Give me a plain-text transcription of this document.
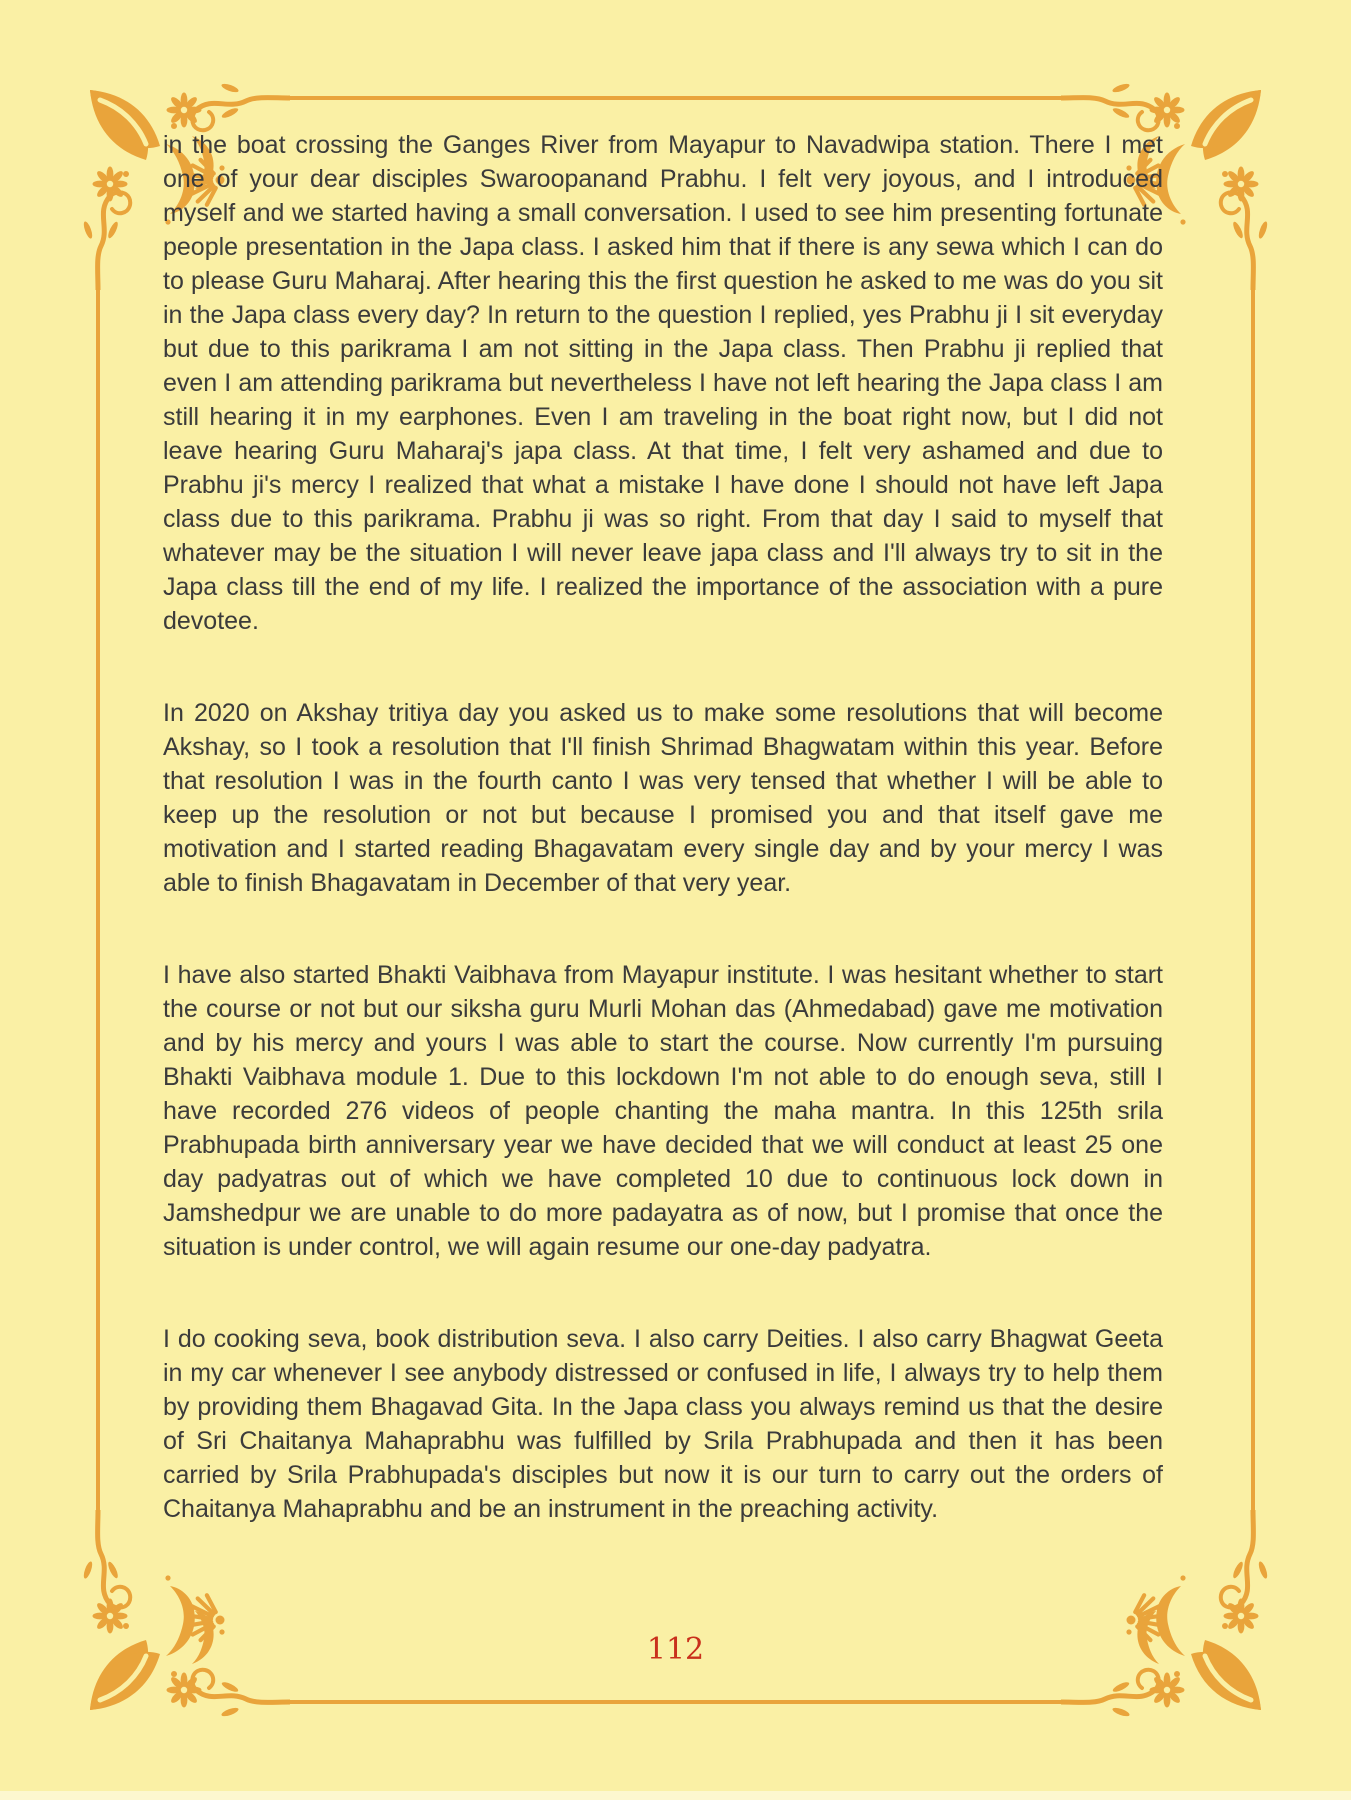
in the boat crossing the Ganges River from Mayapur to Navadwipa station. There I met one of your dear disciples Swaroopanand Prabhu. I felt very joyous, and I introduced myself and we started having a small conversation. I used to see him presenting fortunate people presentation in the Japa class. I asked him that if there is any sewa which I can do to please Guru Maharaj. After hearing this the first question he asked to me was do you sit in the Japa class every day? In return to the question I replied, yes Prabhu ji I sit everyday but due to this parikrama I am not sitting in the Japa class. Then Prabhu ji replied that even I am attending parikrama but nevertheless I have not left hearing the Japa class I am still hearing it in my earphones. Even I am traveling in the boat right now, but I did not leave hearing Guru Maharaj's japa class. At that time, I felt very ashamed and due to Prabhu ji's mercy I realized that what a mistake I have done I should not have left Japa class due to this parikrama. Prabhu ji was so right. From that day I said to myself that whatever may be the situation I will never leave japa class and I'll always try to sit in the Japa class till the end of my life. I realized the importance of the association with a pure devotee.

In 2020 on Akshay tritiya day you asked us to make some resolutions that will become Akshay, so I took a resolution that I'll finish Shrimad Bhagwatam within this year. Before that resolution I was in the fourth canto I was very tensed that whether I will be able to keep up the resolution or not but because I promised you and that itself gave me motivation and I started reading Bhagavatam every single day and by your mercy I was able to finish Bhagavatam in December of that very year.

I have also started Bhakti Vaibhava from Mayapur institute. I was hesitant whether to start the course or not but our siksha guru Murli Mohan das (Ahmedabad) gave me motivation and by his mercy and yours I was able to start the course. Now currently I'm pursuing Bhakti Vaibhava module 1. Due to this lockdown I'm not able to do enough seva, still I have recorded 276 videos of people chanting the maha mantra. In this 125th srila Prabhupada birth anniversary year we have decided that we will conduct at least 25 one day padyatras out of which we have completed 10 due to continuous lock down in Jamshedpur we are unable to do more padayatra as of now, but I promise that once the situation is under control, we will again resume our one-day padyatra.

I do cooking seva, book distribution seva. I also carry Deities. I also carry Bhagwat Geeta in my car whenever I see anybody distressed or confused in life, I always try to help them by providing them Bhagavad Gita. In the Japa class you always remind us that the desire of Sri Chaitanya Mahaprabhu was fulfilled by Srila Prabhupada and then it has been carried by Srila Prabhupada's disciples but now it is our turn to carry out the orders of Chaitanya Mahaprabhu and be an instrument in the preaching activity.

112
